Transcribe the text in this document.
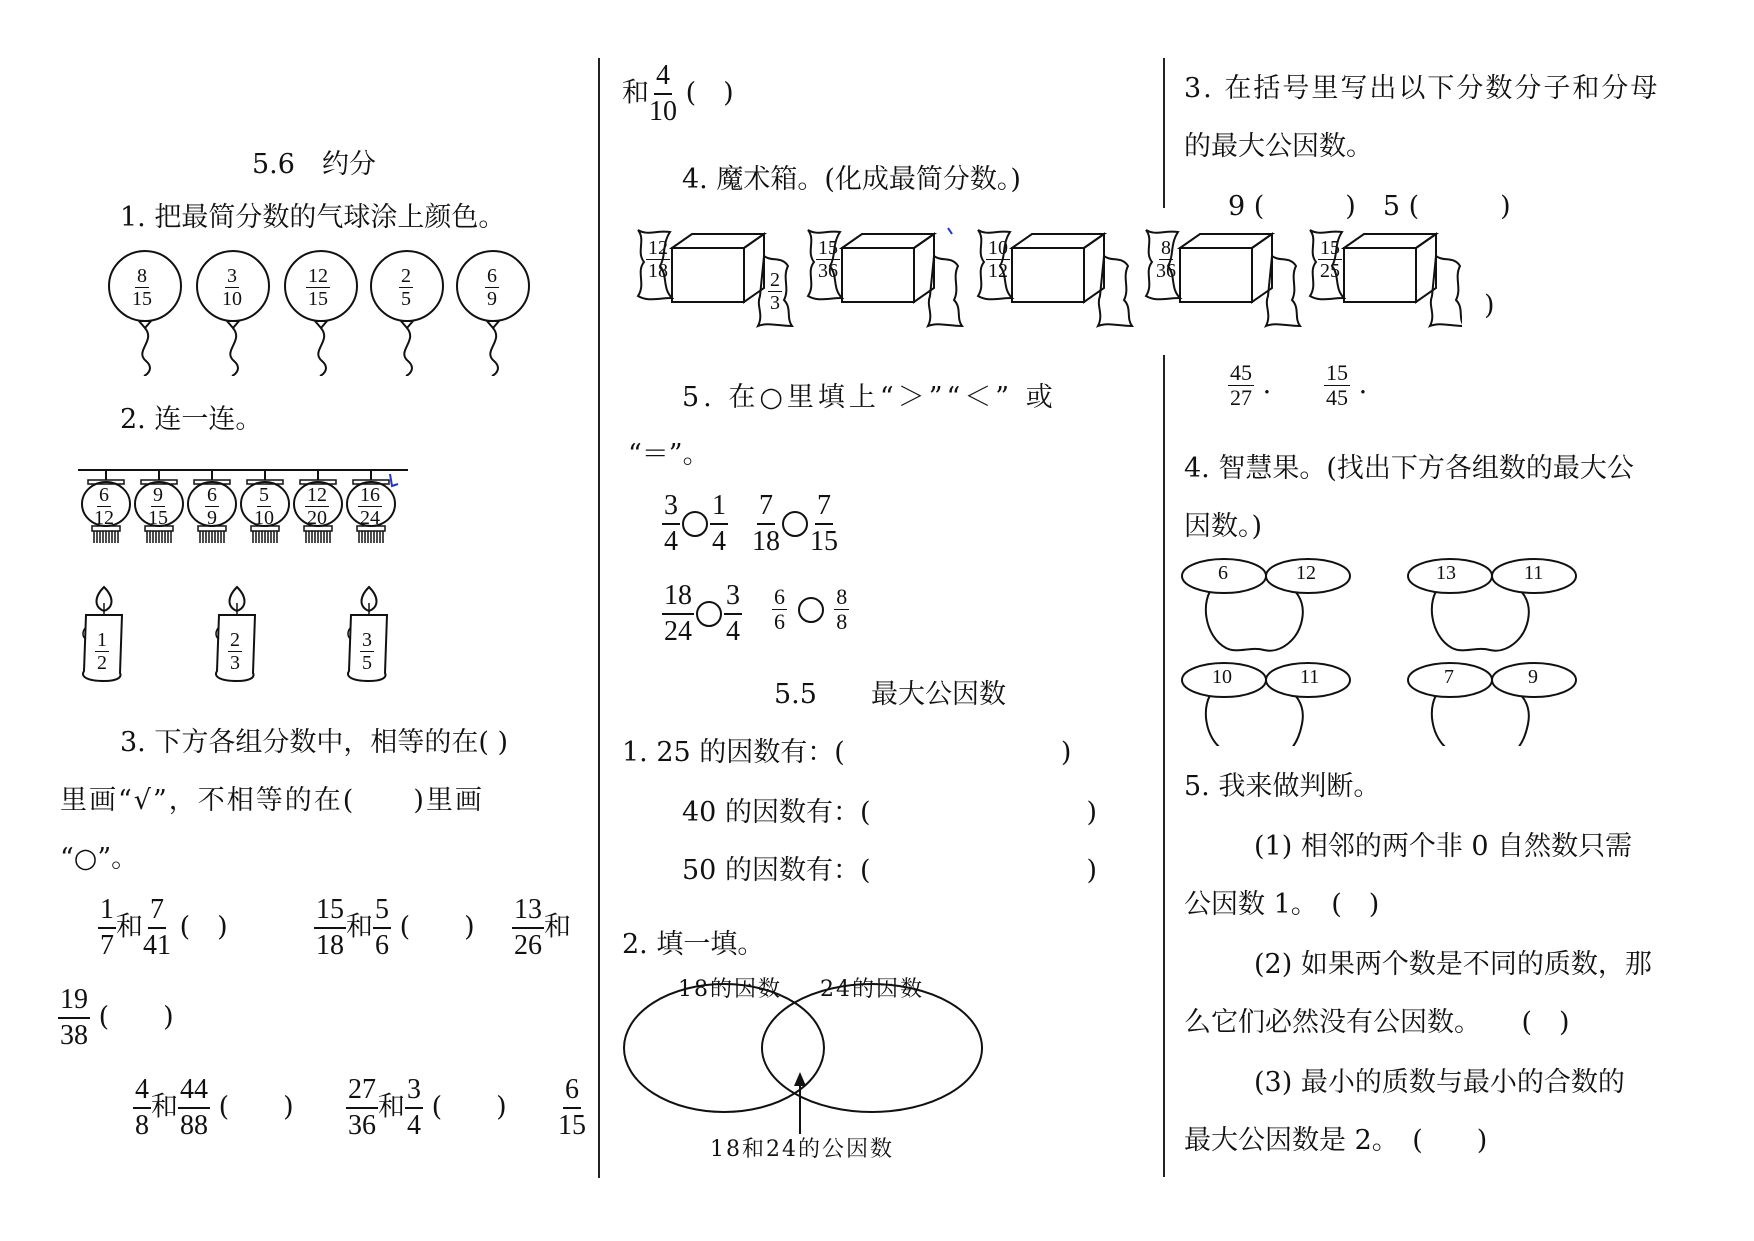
5.6　约分
1. 把最简分数的气球涂上颜色。
$\frac{8}{15}$	$\frac{3}{10}$	$\frac{12}{15}$	$\frac{2}{5}$	$\frac{6}{9}$
2. 连一连。
$\frac{6}{12} \frac{9}{15} \frac{6}{9} \frac{5}{10} \frac{12}{20} \frac{16}{24}$
$\frac{1}{2}$	$\frac{2}{3}$	$\frac{3}{5}$
3. 下方各组分数中，相等的在( )
里画“√”，不相等的在(　　)里画
“○”。
$\frac{1}{7}$ 和 $\frac{7}{41}$ (　)	$\frac{15}{18}$ 和 $\frac{5}{6}$ (　　) $\frac{13}{26}$ 和
$\frac{19}{38}$ (　　)
$\frac{4}{8}$ 和 $\frac{44}{88}$ (　　) $\frac{27}{36}$ 和 $\frac{3}{4}$ (　　) $\frac{6}{15}$
和 $\frac{4}{10}$ (　)
4. 魔术箱。(化成最简分数。)
$\frac{12}{18}$
$\frac{2}{3}$
$\frac{15}{36}$	$\frac{10}{12}$	$\frac{8}{36}$	$\frac{15}{25}$
5. 在○里填上“＞”“＜” 或
“＝”。
$\frac{3}{4} \frac{1}{4} \frac{7}{18} \frac{7}{15}$
$\frac{18}{24} \frac{3}{4} \frac{6}{6}$
$\frac{8}{8}$
5.5　　最大公因数
1. 25 的因数有：(　　　　　　　　)
40 的因数有：(　　　　　　　　)
50 的因数有：(　　　　　　　　)
2. 填一填。
18的因数 24的因数
18和24的公因数
3. 在括号里写出以下分数分子和分母
的最大公因数。
9 (　　　)　5 (　　　)
)
$\frac{45}{27}$ . $\frac{15}{45}$ .
4. 智慧果。(找出下方各组数的最大公
因数。)
6	12	13	11
10	11	7	9
5. 我来做判断。
(1) 相邻的两个非 0 自然数只需
公因数 1。　(　)
(2) 如果两个数是不同的质数，那
么它们必然没有公因数。　　(　)
(3) 最小的质数与最小的合数的
最大公因数是 2。　(　　)
